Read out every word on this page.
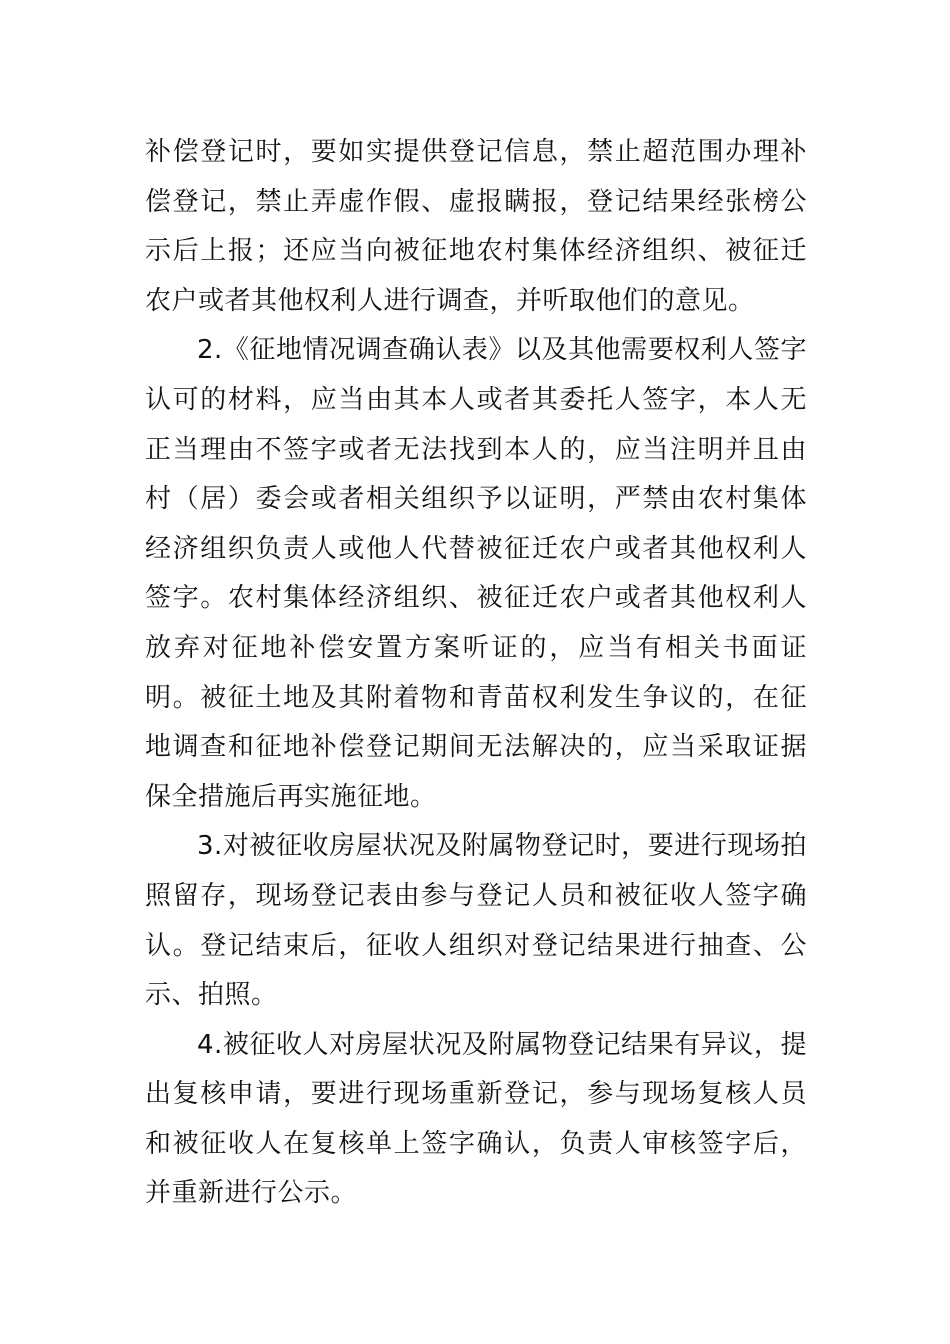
补偿登记时，要如实提供登记信息，禁止超范围办理补偿登记，禁止弄虚作假、虚报瞒报，登记结果经张榜公示后上报；还应当向被征地农村集体经济组织、被征迁农户或者其他权利人进行调查，并听取他们的意见。

2.《征地情况调查确认表》以及其他需要权利人签字认可的材料，应当由其本人或者其委托人签字，本人无正当理由不签字或者无法找到本人的，应当注明并且由村（居）委会或者相关组织予以证明，严禁由农村集体经济组织负责人或他人代替被征迁农户或者其他权利人签字。农村集体经济组织、被征迁农户或者其他权利人放弃对征地补偿安置方案听证的，应当有相关书面证明。被征土地及其附着物和青苗权利发生争议的，在征地调查和征地补偿登记期间无法解决的，应当采取证据保全措施后再实施征地。

3.对被征收房屋状况及附属物登记时，要进行现场拍照留存，现场登记表由参与登记人员和被征收人签字确认。登记结束后，征收人组织对登记结果进行抽查、公示、拍照。

4.被征收人对房屋状况及附属物登记结果有异议，提出复核申请，要进行现场重新登记，参与现场复核人员和被征收人在复核单上签字确认，负责人审核签字后，并重新进行公示。
